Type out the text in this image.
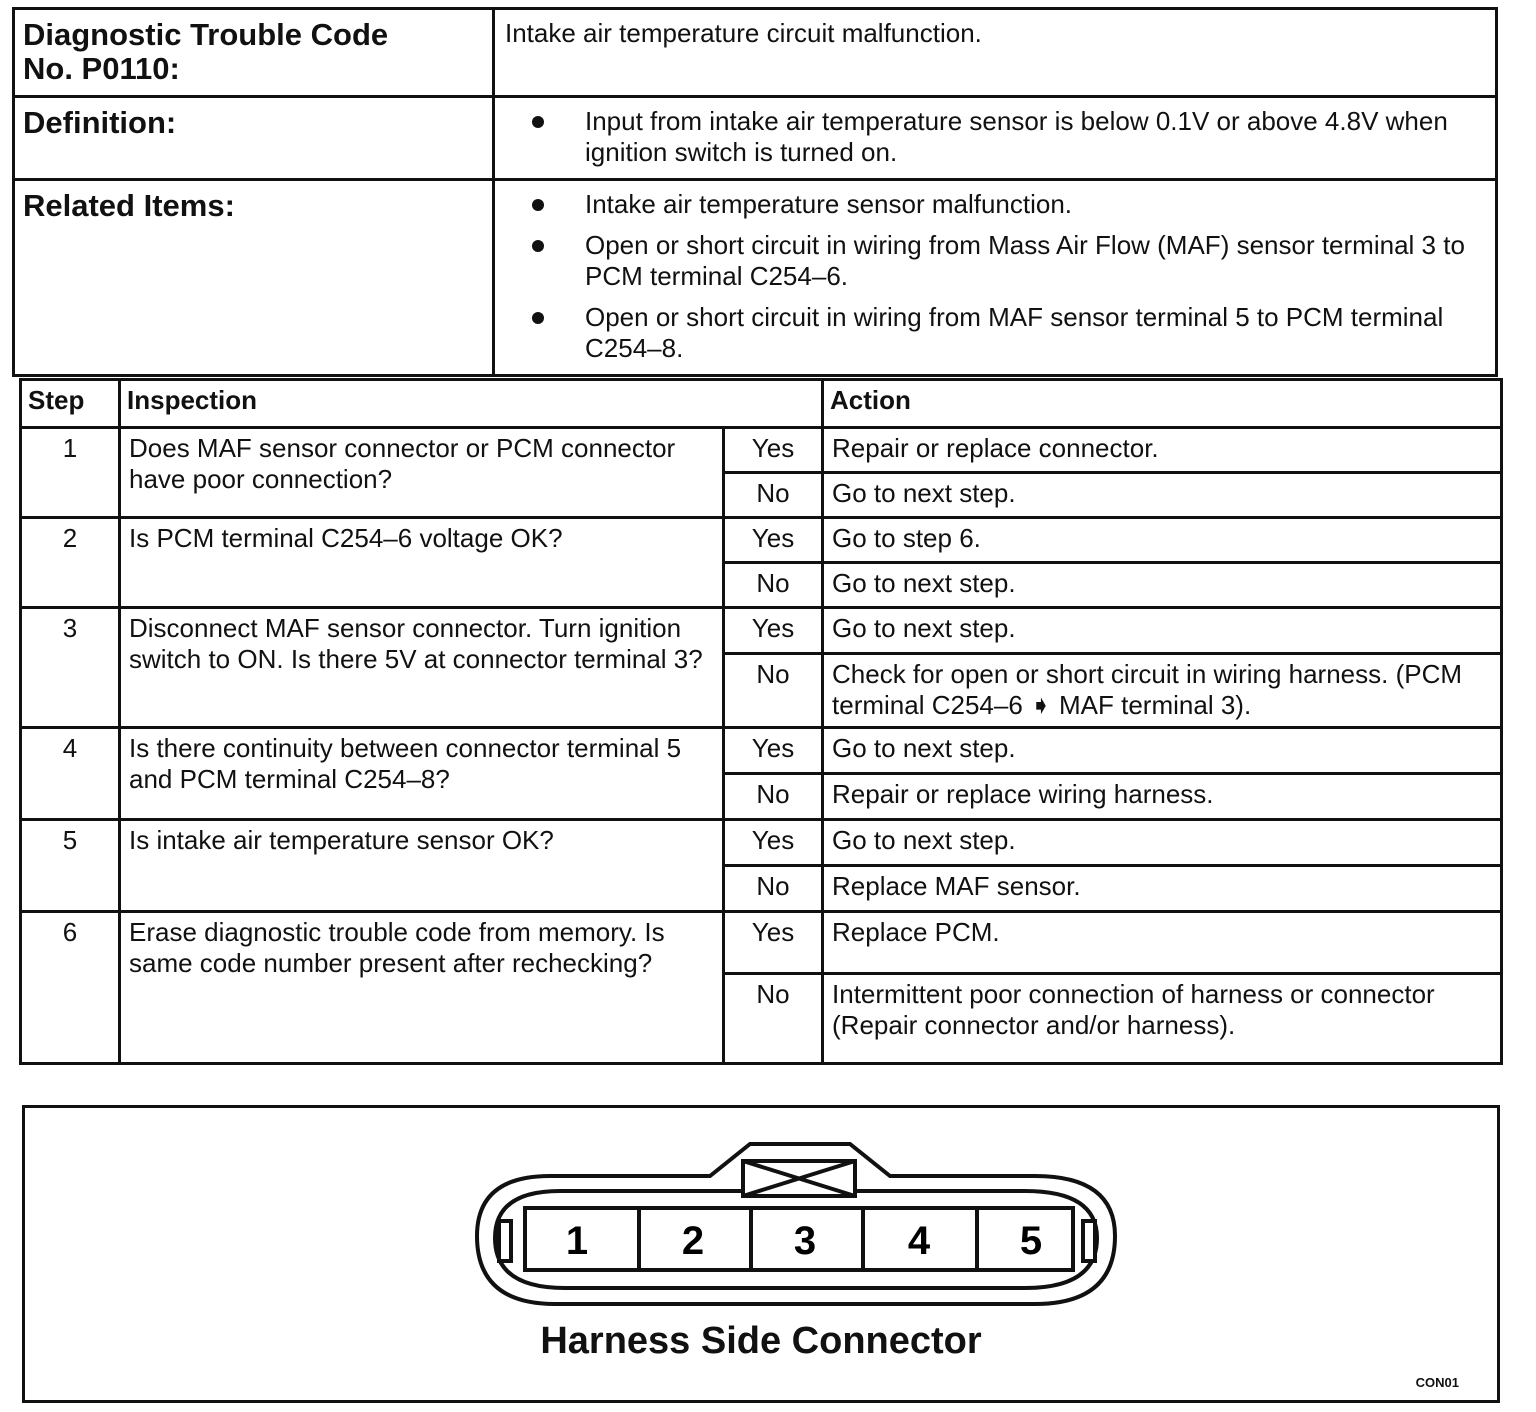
Diagnostic Trouble Code No. P0110:	Intake air temperature circuit malfunction.

Definition:	Input from intake air temperature sensor is below 0.1V or above 4.8V when ignition switch is turned on.

Related Items:	Intake air temperature sensor malfunction.
Open or short circuit in wiring from Mass Air Flow (MAF) sensor terminal 3 to PCM terminal C254–6.
Open or short circuit in wiring from MAF sensor terminal 5 to PCM terminal C254–8.
Step	Inspection		Action
1	Does MAF sensor connector or PCM connector have poor connection?	Yes	Repair or replace connector.
		No	Go to next step.
2	Is PCM terminal C254–6 voltage OK?	Yes	Go to step 6.
		No	Go to next step.
3	Disconnect MAF sensor connector. Turn ignition switch to ON. Is there 5V at connector terminal 3?	Yes	Go to next step.
		No	Check for open or short circuit in wiring harness. (PCM terminal C254–6 ➧ MAF terminal 3).
4	Is there continuity between connector terminal 5 and PCM terminal C254–8?	Yes	Go to next step.
		No	Repair or replace wiring harness.
5	Is intake air temperature sensor OK?	Yes	Go to next step.
		No	Replace MAF sensor.
6	Erase diagnostic trouble code from memory. Is same code number present after rechecking?	Yes	Replace PCM.
		No	Intermittent poor connection of harness or connector (Repair connector and/or harness).
1 2 3 4 5
Harness Side Connector
CON01
